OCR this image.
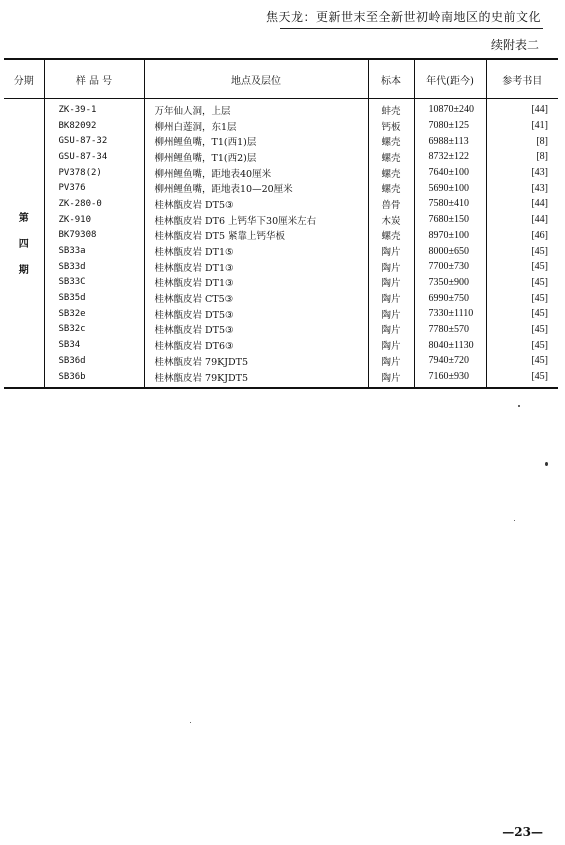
焦天龙：更新世末至全新世初岭南地区的史前文化
续附表二
分期	样 品 号	地点及层位	标本	年代(距今)	参考书目

第
四
期	ZK-39-1	万年仙人洞，上层	蚌壳	10870±240	[44]
	BK82092	柳州白莲洞，东1层	钙板	7080±125	[41]
	GSU-87-32	柳州鲤鱼嘴，T1(西1)层	螺壳	6988±113	[8]
	GSU-87-34	柳州鲤鱼嘴，T1(西2)层	螺壳	8732±122	[8]
	PV378(2)	柳州鲤鱼嘴，距地表40厘米	螺壳	7640±100	[43]
	PV376	柳州鲤鱼嘴，距地表10—20厘米	螺壳	5690±100	[43]
	ZK-280-0	桂林甑皮岩 DT5③	兽骨	7580±410	[44]
	ZK-910	桂林甑皮岩 DT6 上钙华下30厘米左右	木炭	7680±150	[44]
	BK79308	桂林甑皮岩 DT5 紧靠上钙华板	螺壳	8970±100	[46]
	SB33a	桂林甑皮岩 DT1⑤	陶片	8000±650	[45]
	SB33d	桂林甑皮岩 DT1③	陶片	7700±730	[45]
	SB33C	桂林甑皮岩 DT1③	陶片	7350±900	[45]
	SB35d	桂林甑皮岩 CT5③	陶片	6990±750	[45]
	SB32e	桂林甑皮岩 DT5③	陶片	7330±1110	[45]
	SB32c	桂林甑皮岩 DT5③	陶片	7780±570	[45]
	SB34	桂林甑皮岩 DT6③	陶片	8040±1130	[45]
	SB36d	桂林甑皮岩 79KJDT5	陶片	7940±720	[45]
	SB36b	桂林甑皮岩 79KJDT5	陶片	7160±930	[45]
—23—
